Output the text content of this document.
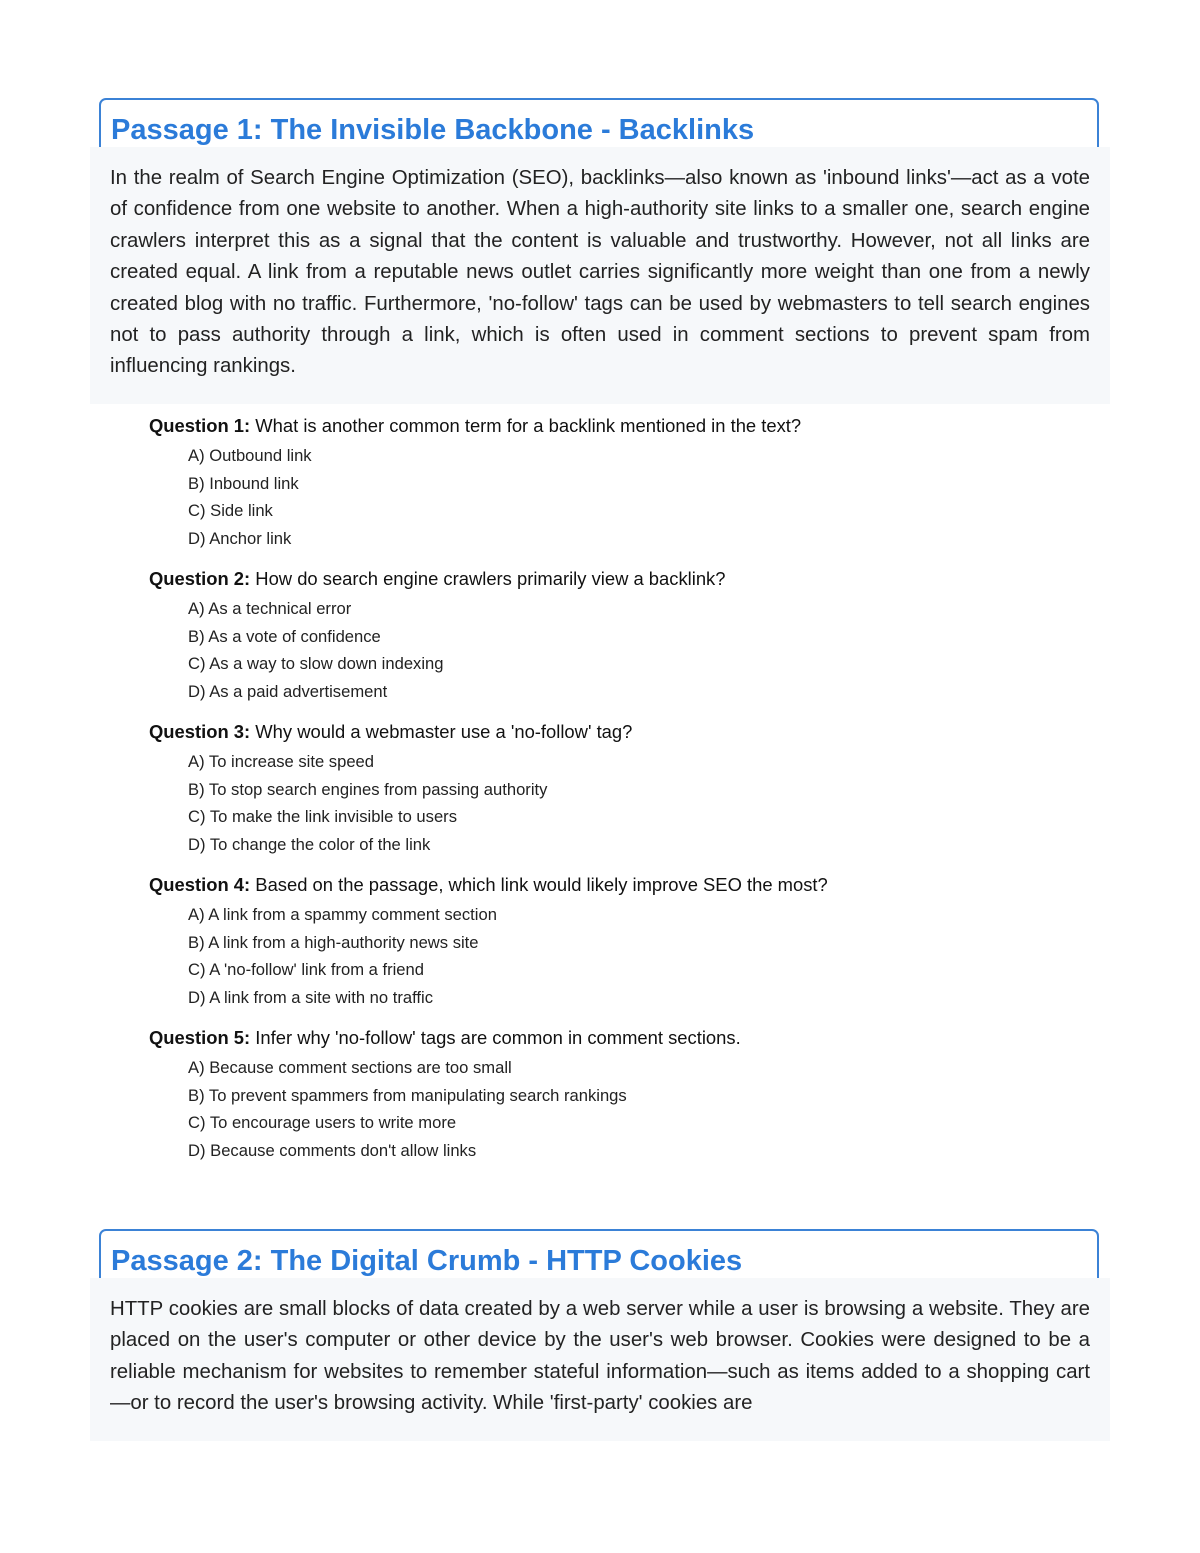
Passage 1: The Invisible Backbone - Backlinks

In the realm of Search Engine Optimization (SEO), backlinks—also known as 'inbound links'—act as a vote of confidence from one website to another. When a high-authority site links to a smaller one, search engine crawlers interpret this as a signal that the content is valuable and trustworthy. However, not all links are created equal. A link from a reputable news outlet carries significantly more weight than one from a newly created blog with no traffic. Furthermore, 'no-follow' tags can be used by webmasters to tell search engines not to pass authority through a link, which is often used in comment sections to prevent spam from influencing rankings.

Question 1: What is another common term for a backlink mentioned in the text?
A) Outbound link
B) Inbound link
C) Side link
D) Anchor link
Question 2: How do search engine crawlers primarily view a backlink?
A) As a technical error
B) As a vote of confidence
C) As a way to slow down indexing
D) As a paid advertisement
Question 3: Why would a webmaster use a 'no-follow' tag?
A) To increase site speed
B) To stop search engines from passing authority
C) To make the link invisible to users
D) To change the color of the link
Question 4: Based on the passage, which link would likely improve SEO the most?
A) A link from a spammy comment section
B) A link from a high-authority news site
C) A 'no-follow' link from a friend
D) A link from a site with no traffic
Question 5: Infer why 'no-follow' tags are common in comment sections.
A) Because comment sections are too small
B) To prevent spammers from manipulating search rankings
C) To encourage users to write more
D) Because comments don't allow links
Passage 2: The Digital Crumb - HTTP Cookies

HTTP cookies are small blocks of data created by a web server while a user is browsing a website. They are placed on the user's computer or other device by the user's web browser. Cookies were designed to be a reliable mechanism for websites to remember stateful information—such as items added to a shopping cart—or to record the user's browsing activity. While 'first-party' cookies are
